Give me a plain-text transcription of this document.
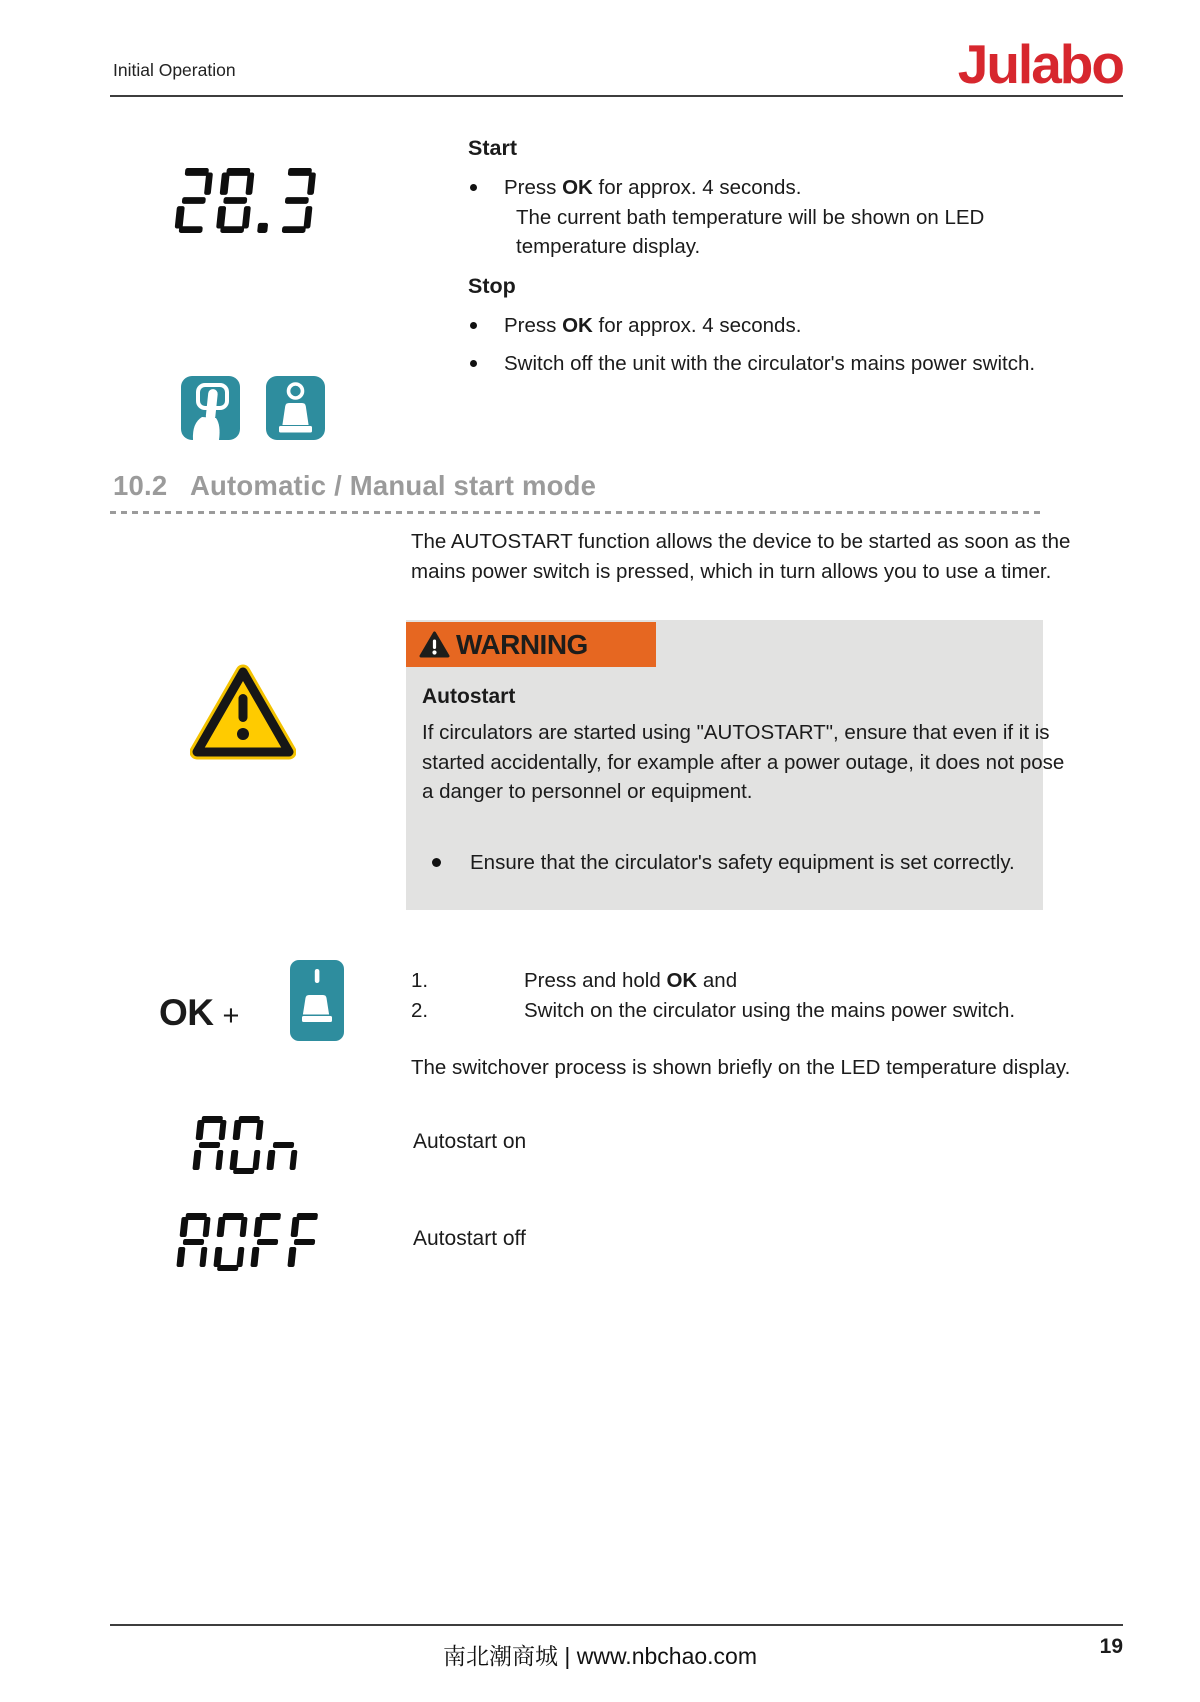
Initial Operation	Julabo
Start
Press OK for approx. 4 seconds.
The current bath temperature will be shown on LED
temperature display.
Stop
Press OK for approx. 4 seconds.
Switch off the unit with the circulator's mains power switch.
10.2 Automatic / Manual start mode
The AUTOSTART function allows the device to be started as soon as the
mains power switch is pressed, which in turn allows you to use a timer.
WARNING
Autostart
If circulators are started using "AUTOSTART", ensure that even if it is
started accidentally, for example after a power outage, it does not pose
a danger to personnel or equipment.
Ensure that the circulator's safety equipment is set correctly.
OK +
1.	Press and hold OK and
2.	Switch on the circulator using the mains power switch.
The switchover process is shown briefly on the LED temperature display.
Autostart on
Autostart off
南北潮商城 | www.nbchao.com	19
